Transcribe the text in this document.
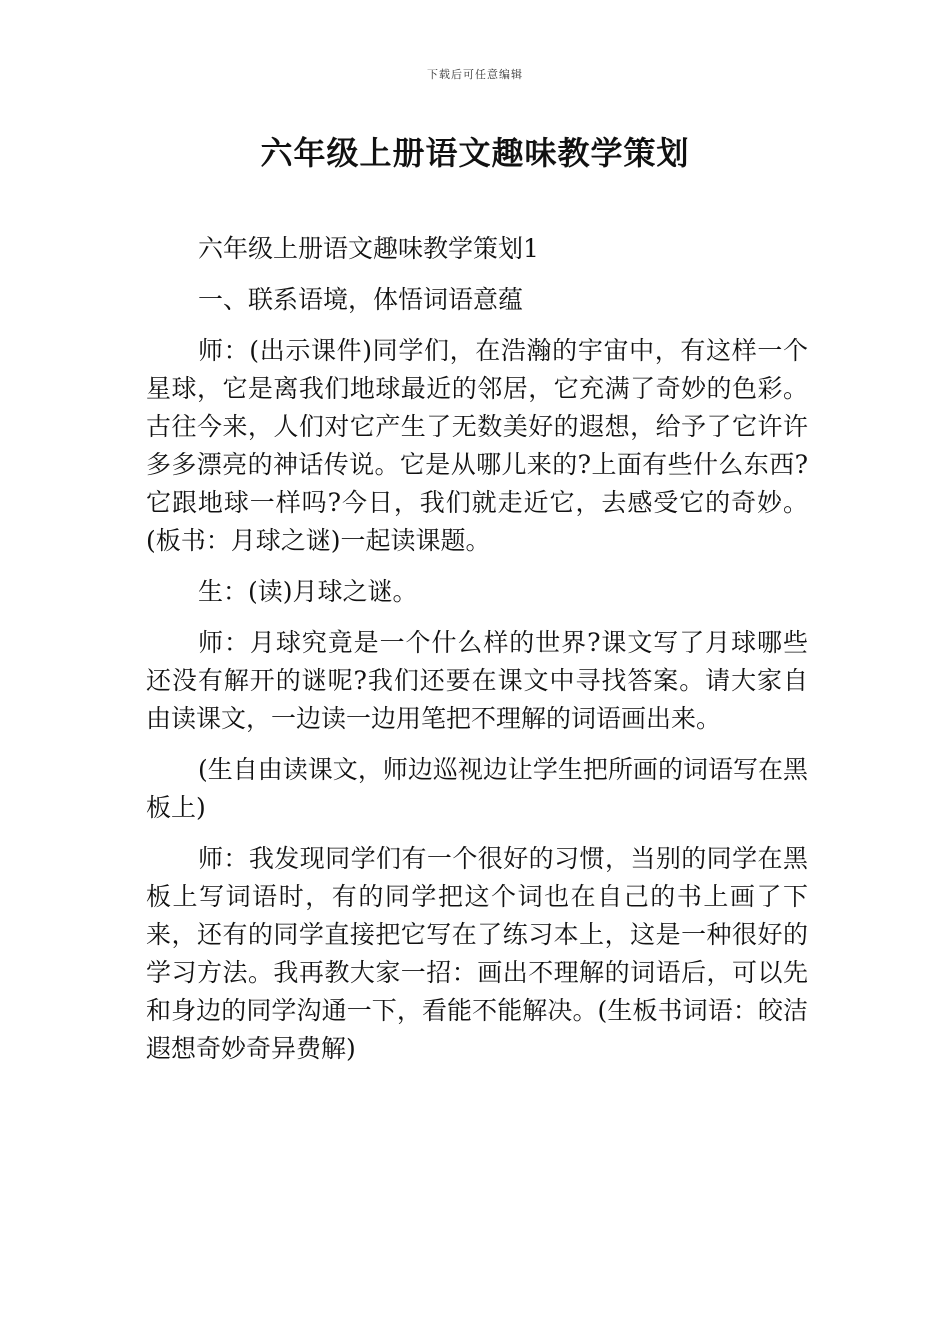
下载后可任意编辑
六年级上册语文趣味教学策划

六年级上册语文趣味教学策划1

一、联系语境，体悟词语意蕴

师：(出示课件)同学们，在浩瀚的宇宙中，有这样一个星球，它是离我们地球最近的邻居，它充满了奇妙的色彩。古往今来，人们对它产生了无数美好的遐想，给予了它许许多多漂亮的神话传说。它是从哪儿来的?上面有些什么东西?它跟地球一样吗?今日，我们就走近它，去感受它的奇妙。(板书：月球之谜)一起读课题。

生：(读)月球之谜。

师：月球究竟是一个什么样的世界?课文写了月球哪些还没有解开的谜呢?我们还要在课文中寻找答案。请大家自由读课文，一边读一边用笔把不理解的词语画出来。

(生自由读课文，师边巡视边让学生把所画的词语写在黑板上)

师：我发现同学们有一个很好的习惯，当别的同学在黑板上写词语时，有的同学把这个词也在自己的书上画了下来，还有的同学直接把它写在了练习本上，这是一种很好的学习方法。我再教大家一招：画出不理解的词语后，可以先和身边的同学沟通一下，看能不能解决。(生板书词语：皎洁遐想奇妙奇异费解)
